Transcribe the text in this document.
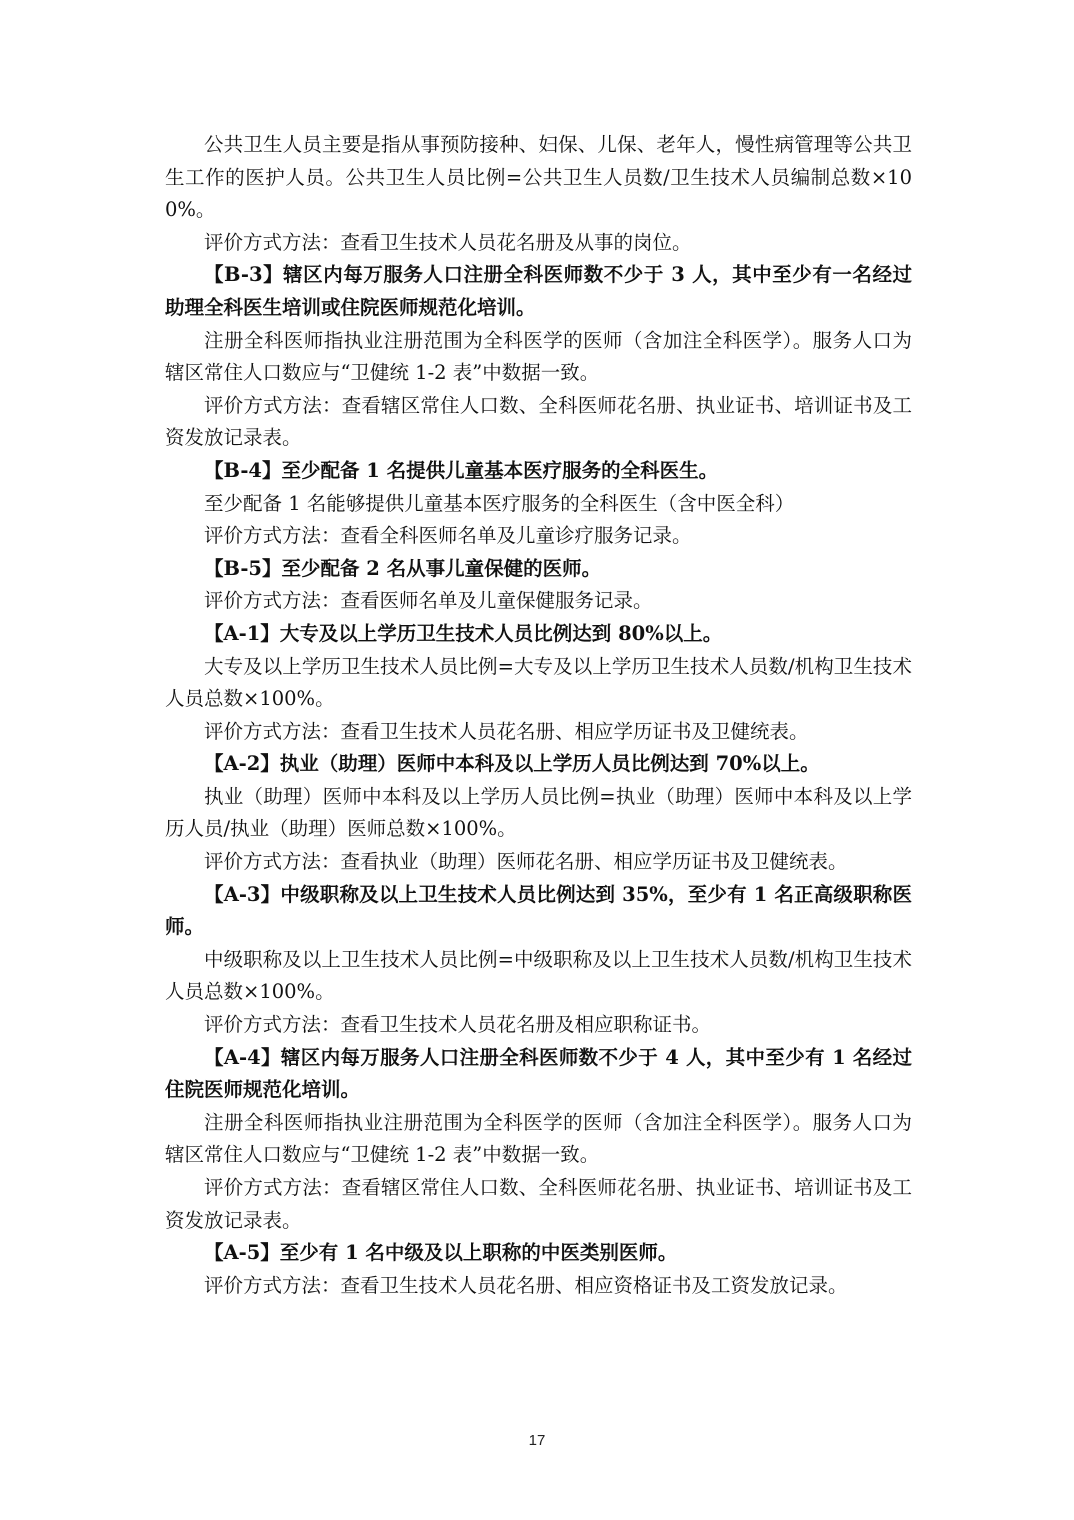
公共卫生人员主要是指从事预防接种、妇保、儿保、老年人，慢性病管理等公共卫生工作的医护人员。公共卫生人员比例=公共卫生人员数/卫生技术人员编制总数×100%。

评价方式方法：查看卫生技术人员花名册及从事的岗位。

【B-3】辖区内每万服务人口注册全科医师数不少于 3 人，其中至少有一名经过助理全科医生培训或住院医师规范化培训。

注册全科医师指执业注册范围为全科医学的医师（含加注全科医学）。服务人口为辖区常住人口数应与“卫健统 1-2 表”中数据一致。

评价方式方法：查看辖区常住人口数、全科医师花名册、执业证书、培训证书及工资发放记录表。

【B-4】至少配备 1 名提供儿童基本医疗服务的全科医生。

至少配备 1 名能够提供儿童基本医疗服务的全科医生（含中医全科）

评价方式方法：查看全科医师名单及儿童诊疗服务记录。

【B-5】至少配备 2 名从事儿童保健的医师。

评价方式方法：查看医师名单及儿童保健服务记录。

【A-1】大专及以上学历卫生技术人员比例达到 80%以上。

大专及以上学历卫生技术人员比例=大专及以上学历卫生技术人员数/机构卫生技术人员总数×100%。

评价方式方法：查看卫生技术人员花名册、相应学历证书及卫健统表。

【A-2】执业（助理）医师中本科及以上学历人员比例达到 70%以上。

执业（助理）医师中本科及以上学历人员比例=执业（助理）医师中本科及以上学历人员/执业（助理）医师总数×100%。

评价方式方法：查看执业（助理）医师花名册、相应学历证书及卫健统表。

【A-3】中级职称及以上卫生技术人员比例达到 35%，至少有 1 名正高级职称医师。

中级职称及以上卫生技术人员比例=中级职称及以上卫生技术人员数/机构卫生技术人员总数×100%。

评价方式方法：查看卫生技术人员花名册及相应职称证书。

【A-4】辖区内每万服务人口注册全科医师数不少于 4 人，其中至少有 1 名经过住院医师规范化培训。

注册全科医师指执业注册范围为全科医学的医师（含加注全科医学）。服务人口为辖区常住人口数应与“卫健统 1-2 表”中数据一致。

评价方式方法：查看辖区常住人口数、全科医师花名册、执业证书、培训证书及工资发放记录表。

【A-5】至少有 1 名中级及以上职称的中医类别医师。

评价方式方法：查看卫生技术人员花名册、相应资格证书及工资发放记录。

17
